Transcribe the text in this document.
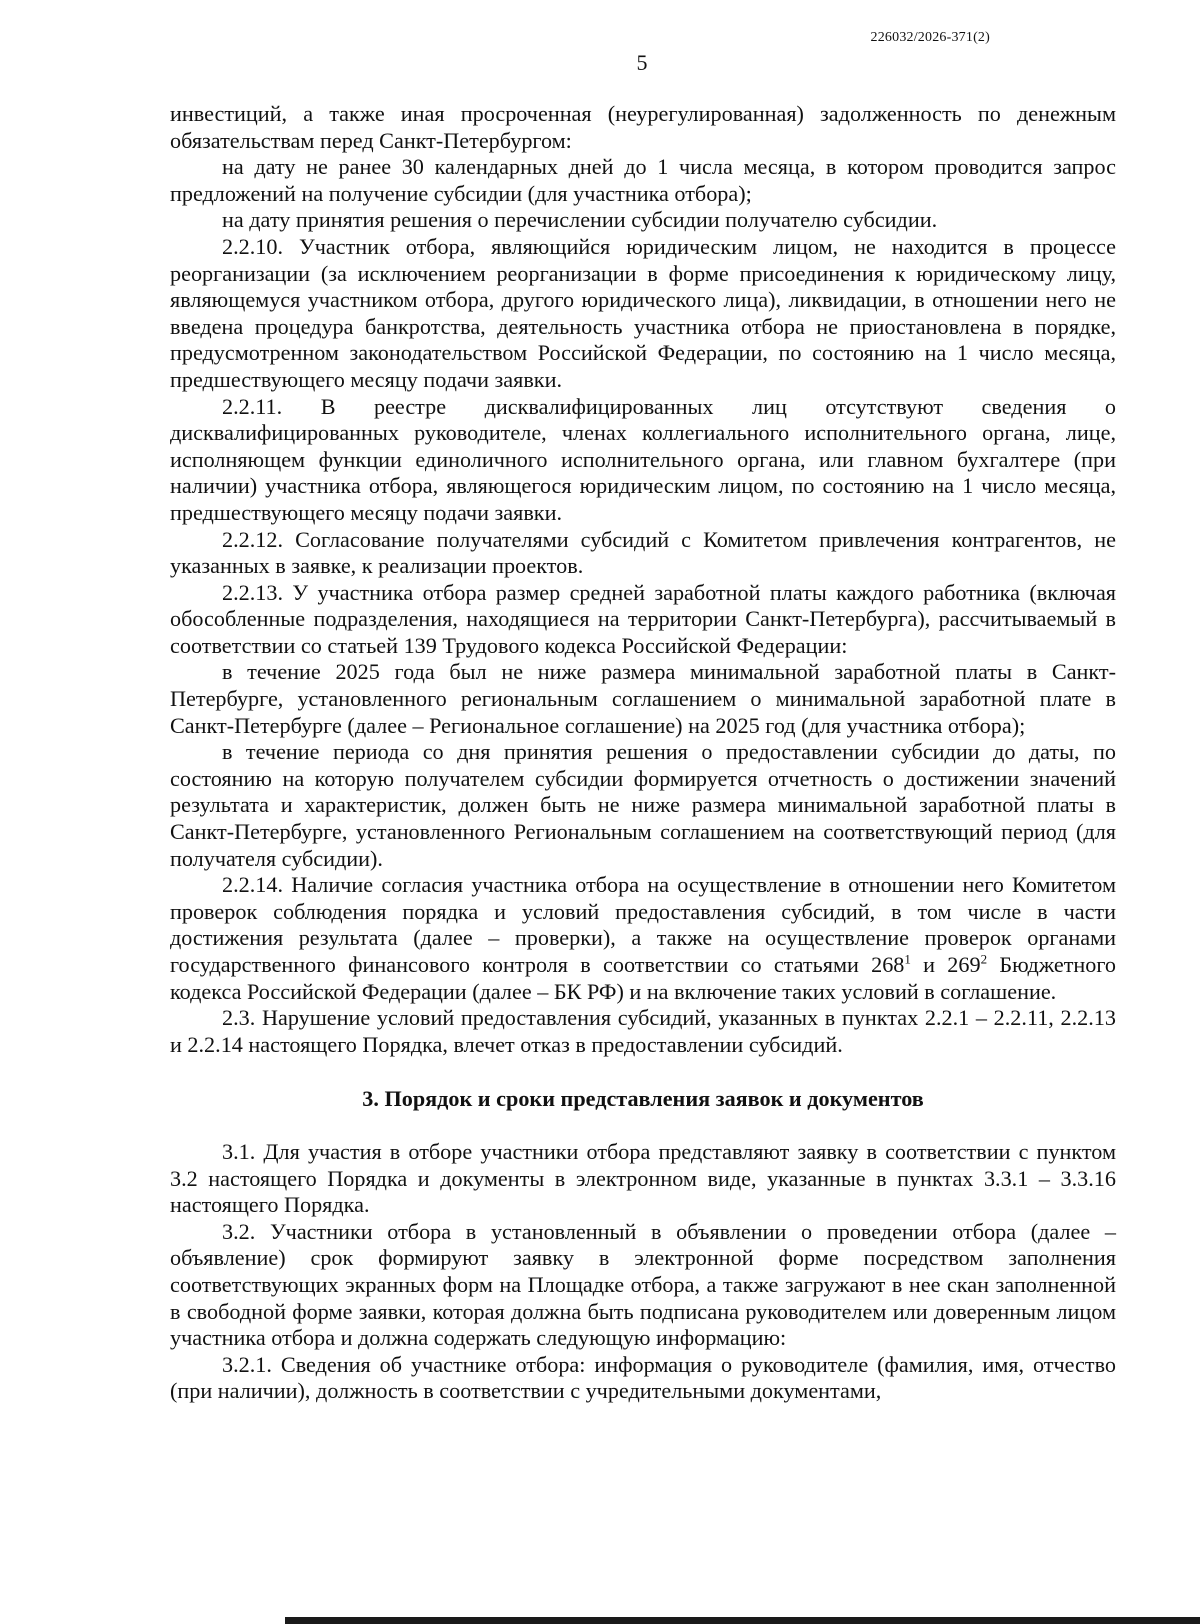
226032/2026-371(2)
5

инвестиций, а также иная просроченная (неурегулированная) задолженность по денежным обязательствам перед Санкт-Петербургом:

на дату не ранее 30 календарных дней до 1 числа месяца, в котором проводится запрос предложений на получение субсидии (для участника отбора);

на дату принятия решения о перечислении субсидии получателю субсидии.

2.2.10. Участник отбора, являющийся юридическим лицом, не находится в процессе реорганизации (за исключением реорганизации в форме присоединения к юридическому лицу, являющемуся участником отбора, другого юридического лица), ликвидации, в отношении него не введена процедура банкротства, деятельность участника отбора не приостановлена в порядке, предусмотренном законодательством Российской Федерации, по состоянию на 1 число месяца, предшествующего месяцу подачи заявки.

2.2.11. В реестре дисквалифицированных лиц отсутствуют сведения о дисквалифицированных руководителе, членах коллегиального исполнительного органа, лице, исполняющем функции единоличного исполнительного органа, или главном бухгалтере (при наличии) участника отбора, являющегося юридическим лицом, по состоянию на 1 число месяца, предшествующего месяцу подачи заявки.

2.2.12. Согласование получателями субсидий с Комитетом привлечения контрагентов, не указанных в заявке, к реализации проектов.

2.2.13. У участника отбора размер средней заработной платы каждого работника (включая обособленные подразделения, находящиеся на территории Санкт-Петербурга), рассчитываемый в соответствии со статьей 139 Трудового кодекса Российской Федерации:

в течение 2025 года был не ниже размера минимальной заработной платы в Санкт-Петербурге, установленного региональным соглашением о минимальной заработной плате в Санкт-Петербурге (далее – Региональное соглашение) на 2025 год (для участника отбора);

в течение периода со дня принятия решения о предоставлении субсидии до даты, по состоянию на которую получателем субсидии формируется отчетность о достижении значений результата и характеристик, должен быть не ниже размера минимальной заработной платы в Санкт-Петербурге, установленного Региональным соглашением на соответствующий период (для получателя субсидии).

2.2.14. Наличие согласия участника отбора на осуществление в отношении него Комитетом проверок соблюдения порядка и условий предоставления субсидий, в том числе в части достижения результата (далее – проверки), а также на осуществление проверок органами государственного финансового контроля в соответствии со статьями $268^1$ и $269^2$ Бюджетного кодекса Российской Федерации (далее – БК РФ) и на включение таких условий в соглашение.

2.3. Нарушение условий предоставления субсидий, указанных в пунктах 2.2.1 – 2.2.11, 2.2.13 и 2.2.14 настоящего Порядка, влечет отказ в предоставлении субсидий.

3. Порядок и сроки представления заявок и документов

3.1. Для участия в отборе участники отбора представляют заявку в соответствии с пунктом 3.2 настоящего Порядка и документы в электронном виде, указанные в пунктах 3.3.1 – 3.3.16 настоящего Порядка.

3.2. Участники отбора в установленный в объявлении о проведении отбора (далее – объявление) срок формируют заявку в электронной форме посредством заполнения соответствующих экранных форм на Площадке отбора, а также загружают в нее скан заполненной в свободной форме заявки, которая должна быть подписана руководителем или доверенным лицом участника отбора и должна содержать следующую информацию:

3.2.1. Сведения об участнике отбора: информация о руководителе (фамилия, имя, отчество (при наличии), должность в соответствии с учредительными документами,
